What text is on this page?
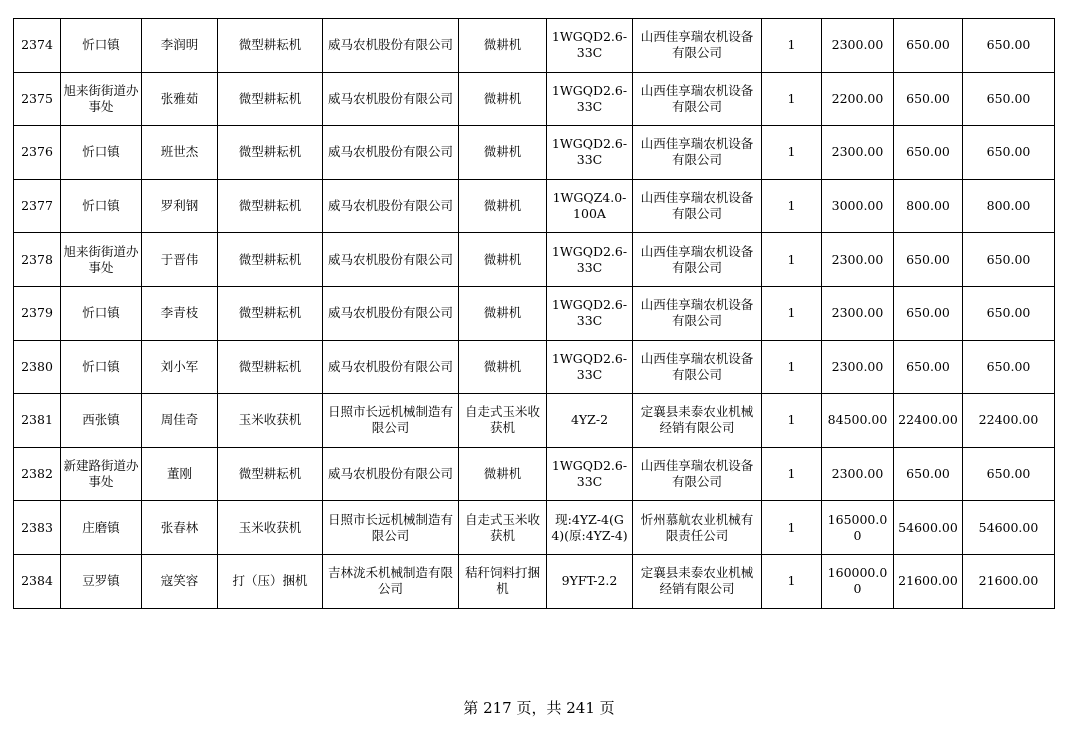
2374	忻口镇	李润明	微型耕耘机	威马农机股份有限公司	微耕机	1WGQD2.6-33C	山西佳享瑞农机设备有限公司	1	2300.00	650.00	650.00
2375	旭来街街道办事处	张雅茹	微型耕耘机	威马农机股份有限公司	微耕机	1WGQD2.6-33C	山西佳享瑞农机设备有限公司	1	2200.00	650.00	650.00
2376	忻口镇	班世杰	微型耕耘机	威马农机股份有限公司	微耕机	1WGQD2.6-33C	山西佳享瑞农机设备有限公司	1	2300.00	650.00	650.00
2377	忻口镇	罗利钢	微型耕耘机	威马农机股份有限公司	微耕机	1WGQZ4.0-100A	山西佳享瑞农机设备有限公司	1	3000.00	800.00	800.00
2378	旭来街街道办事处	于晋伟	微型耕耘机	威马农机股份有限公司	微耕机	1WGQD2.6-33C	山西佳享瑞农机设备有限公司	1	2300.00	650.00	650.00
2379	忻口镇	李青枝	微型耕耘机	威马农机股份有限公司	微耕机	1WGQD2.6-33C	山西佳享瑞农机设备有限公司	1	2300.00	650.00	650.00
2380	忻口镇	刘小军	微型耕耘机	威马农机股份有限公司	微耕机	1WGQD2.6-33C	山西佳享瑞农机设备有限公司	1	2300.00	650.00	650.00
2381	西张镇	周佳奇	玉米收获机	日照市长远机械制造有限公司	自走式玉米收获机	4YZ-2	定襄县耒泰农业机械经销有限公司	1	84500.00	22400.00	22400.00
2382	新建路街道办事处	董刚	微型耕耘机	威马农机股份有限公司	微耕机	1WGQD2.6-33C	山西佳享瑞农机设备有限公司	1	2300.00	650.00	650.00
2383	庄磨镇	张春林	玉米收获机	日照市长远机械制造有限公司	自走式玉米收获机	现:4YZ-4(G4)(原:4YZ-4)	忻州慕航农业机械有限责任公司	1	165000.00	54600.00	54600.00
2384	豆罗镇	寇笑容	打（压）捆机	吉林泷禾机械制造有限公司	秸秆饲料打捆机	9YFT-2.2	定襄县耒泰农业机械经销有限公司	1	160000.00	21600.00	21600.00
第 217 页，共 241 页
